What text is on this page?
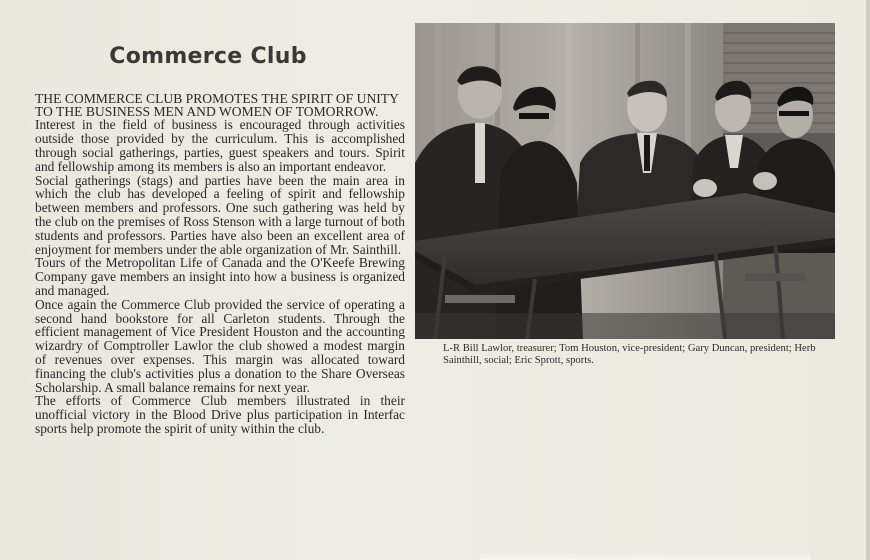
Commerce Club

THE COMMERCE CLUB PROMOTES THE SPIRIT OF UNITY TO THE BUSINESS MEN AND WOMEN OF TOMORROW.

Interest in the field of business is encouraged through activities outside those provided by the curriculum. This is accomplished through social gatherings, parties, guest speakers and tours. Spirit and fellowship among its members is also an important endeavor.

Social gatherings (stags) and parties have been the main area in which the club has developed a feeling of spirit and fellowship between members and professors. One such gathering was held by the club on the premises of Ross Stenson with a large turnout of both students and professors. Parties have also been an excellent area of enjoyment for members under the able organization of Mr. Sainthill.

Tours of the Metropolitan Life of Canada and the O'Keefe Brewing Company gave members an insight into how a business is organized and managed.

Once again the Commerce Club provided the service of operating a second hand bookstore for all Carleton students. Through the efficient management of Vice President Houston and the accounting wizardry of Comptroller Lawlor the club showed a modest margin of revenues over expenses. This margin was allocated toward financing the club's activities plus a donation to the Share Overseas Scholarship. A small balance remains for next year.

The efforts of Commerce Club members illustrated in their unofficial victory in the Blood Drive plus participation in Interfac sports help promote the spirit of unity within the club.

L-R Bill Lawlor, treasurer; Tom Houston, vice-president; Gary Duncan, president; Herb Sainthill, social; Eric Sprott, sports.
